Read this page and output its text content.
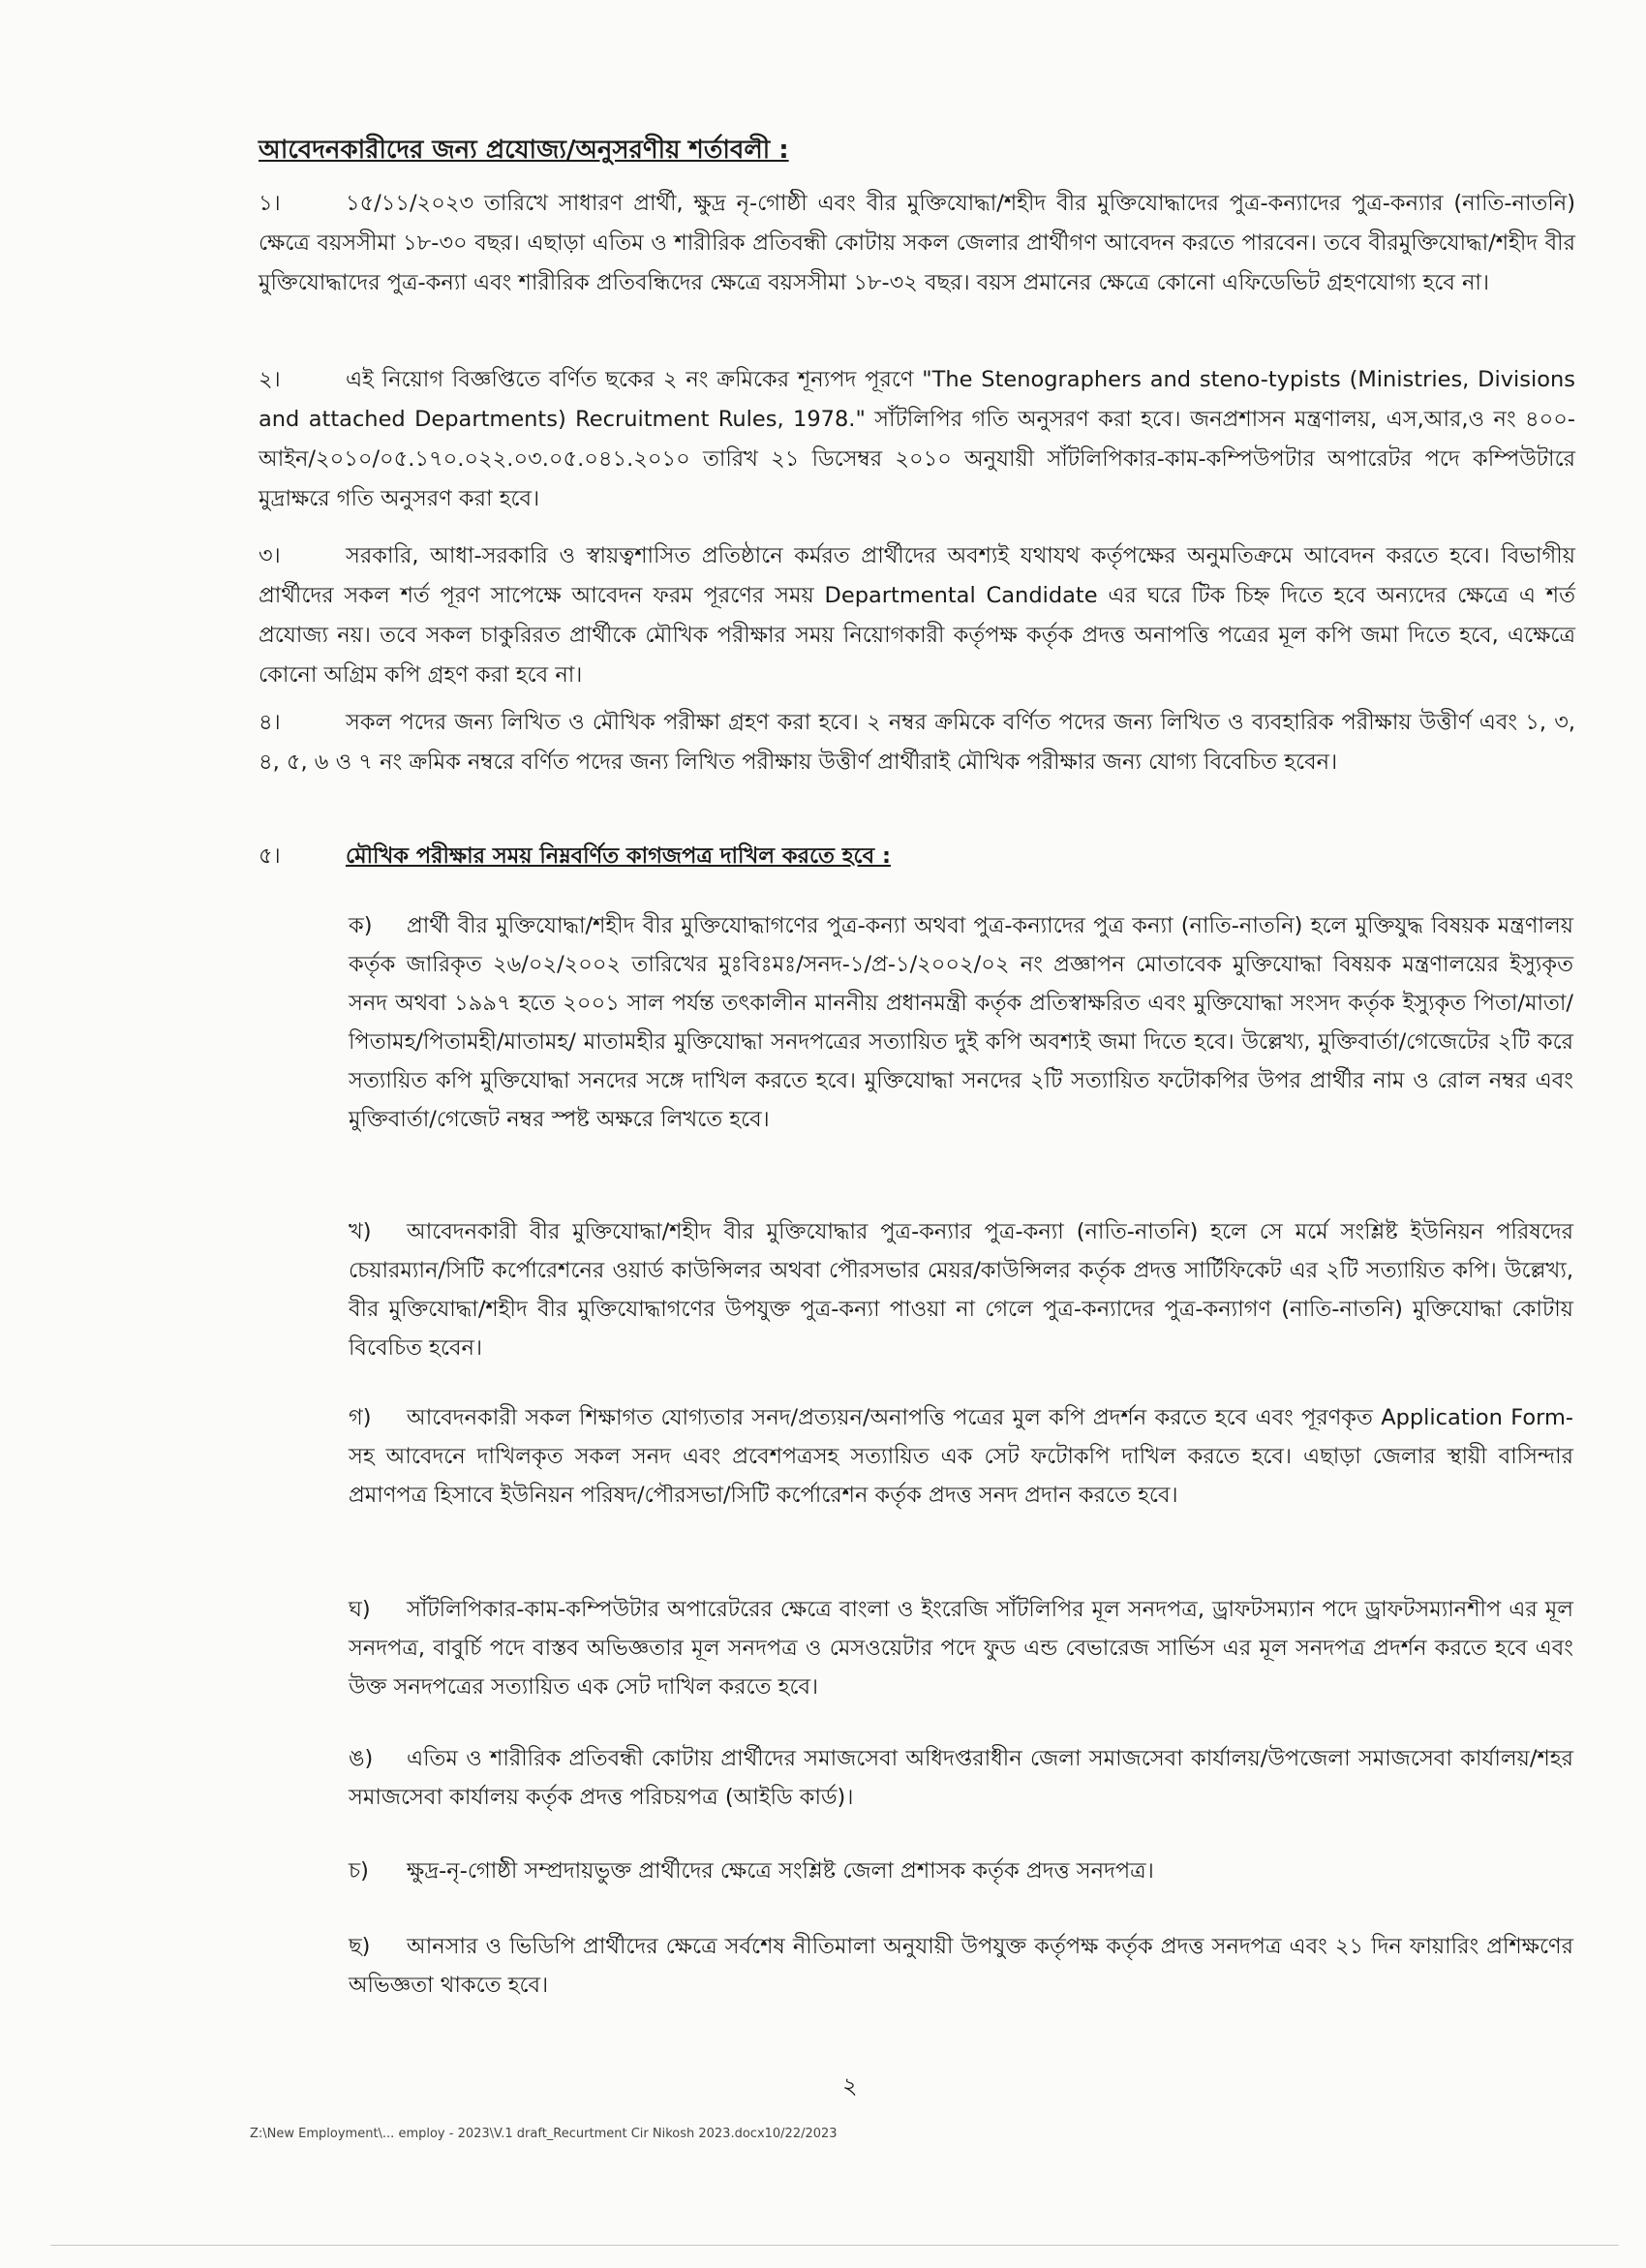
আবেদনকারীদের জন্য প্রযোজ্য/অনুসরণীয় শর্তাবলী :
১।	১৫/১১/২০২৩ তারিখে সাধারণ প্রার্থী, ক্ষুদ্র নৃ-গোষ্ঠী এবং বীর মুক্তিযোদ্ধা/শহীদ বীর মুক্তিযোদ্ধাদের পুত্র-কন্যাদের পুত্র-কন্যার (নাতি-নাতনি) ক্ষেত্রে বয়সসীমা ১৮-৩০ বছর। এছাড়া এতিম ও শারীরিক প্রতিবন্ধী কোটায় সকল জেলার প্রার্থীগণ আবেদন করতে পারবেন। তবে বীরমুক্তিযোদ্ধা/শহীদ বীর মুক্তিযোদ্ধাদের পুত্র-কন্যা এবং শারীরিক প্রতিবন্ধিদের ক্ষেত্রে বয়সসীমা ১৮-৩২ বছর। বয়স প্রমানের ক্ষেত্রে কোনো এফিডেভিট গ্রহণযোগ্য হবে না।
২।	এই নিয়োগ বিজ্ঞপ্তিতে বর্ণিত ছকের ২ নং ক্রমিকের শূন্যপদ পূরণে "The Stenographers and steno-typists (Ministries, Divisions and attached Departments) Recruitment Rules, 1978." সাঁটলিপির গতি অনুসরণ করা হবে। জনপ্রশাসন মন্ত্রণালয়, এস,আর,ও নং ৪০০-আইন/২০১০/০৫.১৭০.০২২.০৩.০৫.০৪১.২০১০ তারিখ ২১ ডিসেম্বর ২০১০ অনুযায়ী সাঁটলিপিকার-কাম-কম্পিউপটার অপারেটর পদে কম্পিউটারে মুদ্রাক্ষরে গতি অনুসরণ করা হবে।
৩।	সরকারি, আধা-সরকারি ও স্বায়ত্বশাসিত প্রতিষ্ঠানে কর্মরত প্রার্থীদের অবশ্যই যথাযথ কর্তৃপক্ষের অনুমতিক্রমে আবেদন করতে হবে। বিভাগীয় প্রার্থীদের সকল শর্ত পূরণ সাপেক্ষে আবেদন ফরম পূরণের সময় Departmental Candidate এর ঘরে টিক চিহ্ন দিতে হবে অন্যদের ক্ষেত্রে এ শর্ত প্রযোজ্য নয়। তবে সকল চাকুরিরত প্রার্থীকে মৌখিক পরীক্ষার সময় নিয়োগকারী কর্তৃপক্ষ কর্তৃক প্রদত্ত অনাপত্তি পত্রের মূল কপি জমা দিতে হবে, এক্ষেত্রে কোনো অগ্রিম কপি গ্রহণ করা হবে না।
৪।	সকল পদের জন্য লিখিত ও মৌখিক পরীক্ষা গ্রহণ করা হবে। ২ নম্বর ক্রমিকে বর্ণিত পদের জন্য লিখিত ও ব্যবহারিক পরীক্ষায় উত্তীর্ণ এবং ১, ৩, ৪, ৫, ৬ ও ৭ নং ক্রমিক নম্বরে বর্ণিত পদের জন্য লিখিত পরীক্ষায় উত্তীর্ণ প্রার্থীরাই মৌখিক পরীক্ষার জন্য যোগ্য বিবেচিত হবেন।
৫।	মৌখিক পরীক্ষার সময় নিম্নবর্ণিত কাগজপত্র দাখিল করতে হবে :
ক) প্রার্থী বীর মুক্তিযোদ্ধা/শহীদ বীর মুক্তিযোদ্ধাগণের পুত্র-কন্যা অথবা পুত্র-কন্যাদের পুত্র কন্যা (নাতি-নাতনি) হলে মুক্তিযুদ্ধ বিষয়ক মন্ত্রণালয় কর্তৃক জারিকৃত ২৬/০২/২০০২ তারিখের মুঃবিঃমঃ/সনদ-১/প্র-১/২০০২/০২ নং প্রজ্ঞাপন মোতাবেক মুক্তিযোদ্ধা বিষয়ক মন্ত্রণালয়ের ইস্যুকৃত সনদ অথবা ১৯৯৭ হতে ২০০১ সাল পর্যন্ত তৎকালীন মাননীয় প্রধানমন্ত্রী কর্তৃক প্রতিস্বাক্ষরিত এবং মুক্তিযোদ্ধা সংসদ কর্তৃক ইস্যুকৃত পিতা/মাতা/পিতামহ/পিতামহী/মাতামহ/ মাতামহীর মুক্তিযোদ্ধা সনদপত্রের সত্যায়িত দুই কপি অবশ্যই জমা দিতে হবে। উল্লেখ্য, মুক্তিবার্তা/গেজেটের ২টি করে সত্যায়িত কপি মুক্তিযোদ্ধা সনদের সঙ্গে দাখিল করতে হবে। মুক্তিযোদ্ধা সনদের ২টি সত্যায়িত ফটোকপির উপর প্রার্থীর নাম ও রোল নম্বর এবং মুক্তিবার্তা/গেজেট নম্বর স্পষ্ট অক্ষরে লিখতে হবে।
খ) আবেদনকারী বীর মুক্তিযোদ্ধা/শহীদ বীর মুক্তিযোদ্ধার পুত্র-কন্যার পুত্র-কন্যা (নাতি-নাতনি) হলে সে মর্মে সংশ্লিষ্ট ইউনিয়ন পরিষদের চেয়ারম্যান/সিটি কর্পোরেশনের ওয়ার্ড কাউন্সিলর অথবা পৌরসভার মেয়র/কাউন্সিলর কর্তৃক প্রদত্ত সার্টিফিকেট এর ২টি সত্যায়িত কপি। উল্লেখ্য, বীর মুক্তিযোদ্ধা/শহীদ বীর মুক্তিযোদ্ধাগণের উপযুক্ত পুত্র-কন্যা পাওয়া না গেলে পুত্র-কন্যাদের পুত্র-কন্যাগণ (নাতি-নাতনি) মুক্তিযোদ্ধা কোটায় বিবেচিত হবেন।
গ) আবেদনকারী সকল শিক্ষাগত যোগ্যতার সনদ/প্রত্যয়ন/অনাপত্তি পত্রের মুল কপি প্রদর্শন করতে হবে এবং পূরণকৃত Application Form-সহ আবেদনে দাখিলকৃত সকল সনদ এবং প্রবেশপত্রসহ সত্যায়িত এক সেট ফটোকপি দাখিল করতে হবে। এছাড়া জেলার স্থায়ী বাসিন্দার প্রমাণপত্র হিসাবে ইউনিয়ন পরিষদ/পৌরসভা/সিটি কর্পোরেশন কর্তৃক প্রদত্ত সনদ প্রদান করতে হবে।
ঘ) সাঁটলিপিকার-কাম-কম্পিউটার অপারেটরের ক্ষেত্রে বাংলা ও ইংরেজি সাঁটলিপির মূল সনদপত্র, ড্রাফটসম্যান পদে ড্রাফটসম্যানশীপ এর মূল সনদপত্র, বাবুর্চি পদে বাস্তব অভিজ্ঞতার মূল সনদপত্র ও মেসওয়েটার পদে ফুড এন্ড বেভারেজ সার্ভিস এর মূল সনদপত্র প্রদর্শন করতে হবে এবং উক্ত সনদপত্রের সত্যায়িত এক সেট দাখিল করতে হবে।
ঙ) এতিম ও শারীরিক প্রতিবন্ধী কোটায় প্রার্থীদের সমাজসেবা অধিদপ্তরাধীন জেলা সমাজসেবা কার্যালয়/উপজেলা সমাজসেবা কার্যালয়/শহর সমাজসেবা কার্যালয় কর্তৃক প্রদত্ত পরিচয়পত্র (আইডি কার্ড)।
চ) ক্ষুদ্র-নৃ-গোষ্ঠী সম্প্রদায়ভুক্ত প্রার্থীদের ক্ষেত্রে সংশ্লিষ্ট জেলা প্রশাসক কর্তৃক প্রদত্ত সনদপত্র।
ছ) আনসার ও ভিডিপি প্রার্থীদের ক্ষেত্রে সর্বশেষ নীতিমালা অনুযায়ী উপযুক্ত কর্তৃপক্ষ কর্তৃক প্রদত্ত সনদপত্র এবং ২১ দিন ফায়ারিং প্রশিক্ষণের অভিজ্ঞতা থাকতে হবে।
২
Z:\New Employment\... employ - 2023\V.1 draft_Recurtment Cir Nikosh 2023.docx10/22/2023
